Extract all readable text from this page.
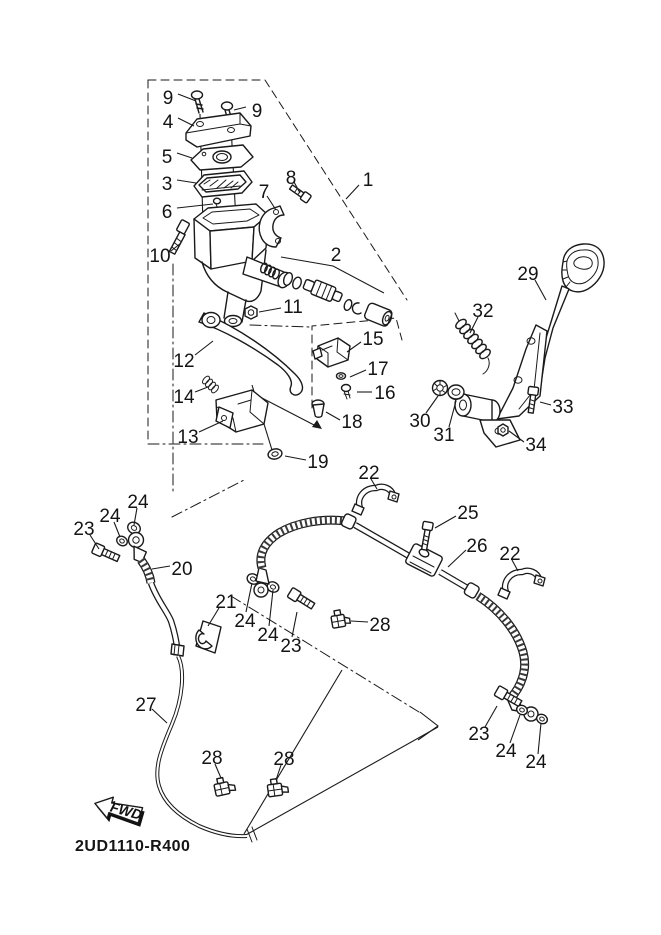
9
9
4
5
3
6
7
8	1
10	2
11
12
14
13
15
17
16
18
19
29
32
30
31
33
34
22
25
26 22
23
24
24
20
21
24
24
23
28
27
28	28
23
24
24
FWD
2UD1110-R400
